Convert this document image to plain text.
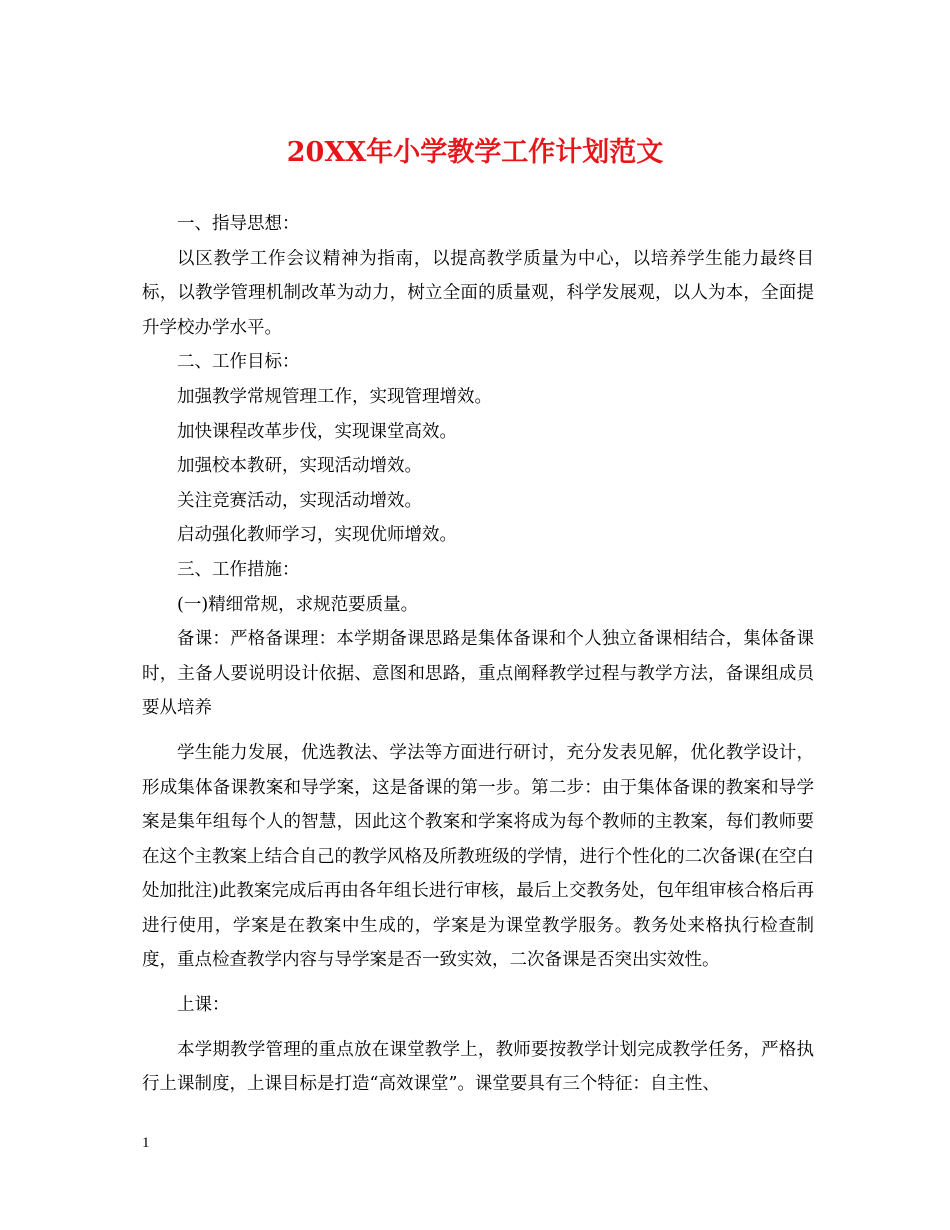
20XX年小学教学工作计划范文

一、指导思想：

以区教学工作会议精神为指南，以提高教学质量为中心，以培养学生能力最终目标，以教学管理机制改革为动力，树立全面的质量观，科学发展观，以人为本，全面提升学校办学水平。

二、工作目标：

加强教学常规管理工作，实现管理增效。

加快课程改革步伐，实现课堂高效。

加强校本教研，实现活动增效。

关注竞赛活动，实现活动增效。

启动强化教师学习，实现优师增效。

三、工作措施：

(一)精细常规，求规范要质量。

备课：严格备课理：本学期备课思路是集体备课和个人独立备课相结合，集体备课时，主备人要说明设计依据、意图和思路，重点阐释教学过程与教学方法，备课组成员要从培养

学生能力发展，优选教法、学法等方面进行研讨，充分发表见解，优化教学设计，形成集体备课教案和导学案，这是备课的第一步。第二步：由于集体备课的教案和导学案是集年组每个人的智慧，因此这个教案和学案将成为每个教师的主教案，每们教师要在这个主教案上结合自己的教学风格及所教班级的学情，进行个性化的二次备课(在空白处加批注)此教案完成后再由各年组长进行审核，最后上交教务处，包年组审核合格后再进行使用，学案是在教案中生成的，学案是为课堂教学服务。教务处来格执行检查制度，重点检查教学内容与导学案是否一致实效，二次备课是否突出实效性。

上课：

本学期教学管理的重点放在课堂教学上，教师要按教学计划完成教学任务，严格执行上课制度，上课目标是打造“高效课堂”。课堂要具有三个特征：自主性、

1
